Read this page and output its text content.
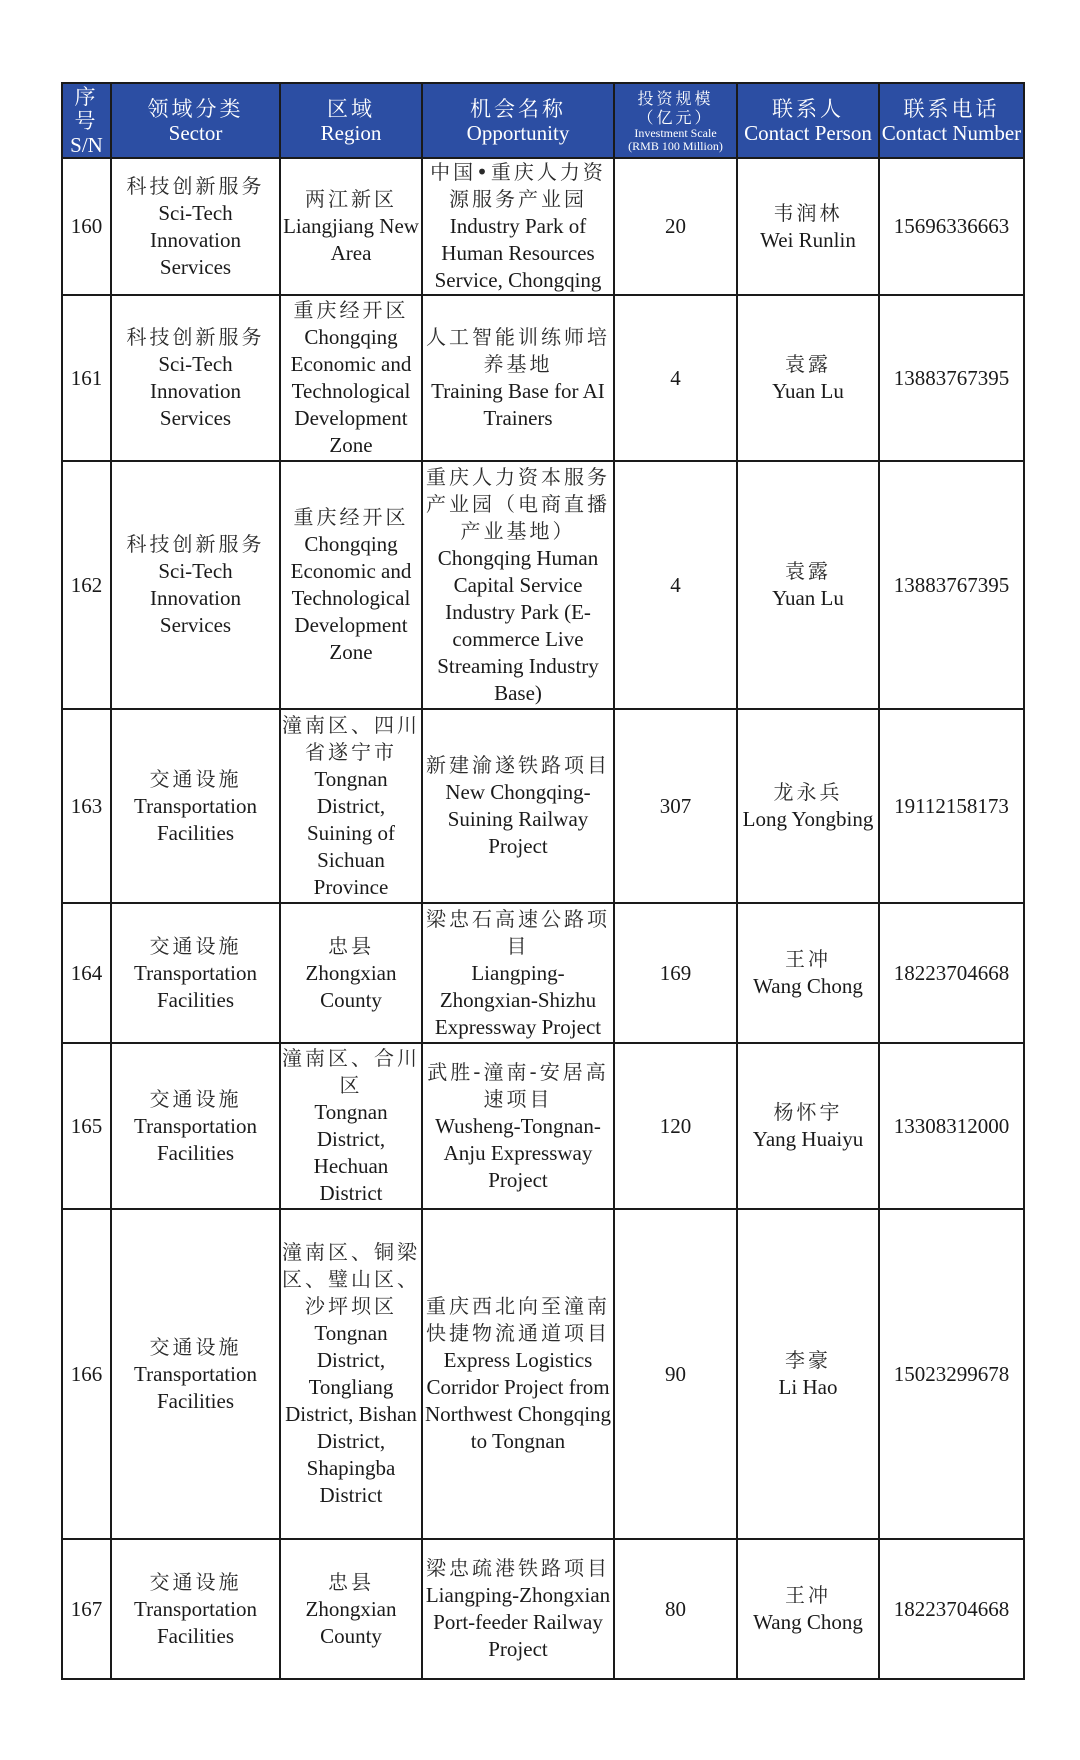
序号
S/N	领域分类
Sector	区域
Region	机会名称
Opportunity	投资规模
（亿元）
Investment Scale
(RMB 100 Million)	联系人
Contact Person	联系电话
Contact Number

160	科技创新服务
Sci-Tech Innovation Services	两江新区
Liangjiang New Area	中国•重庆人力资源服务产业园
Industry Park of Human Resources Service, Chongqing	20	韦润林
Wei Runlin	15696336663
161	科技创新服务
Sci-Tech Innovation Services	重庆经开区
Chongqing Economic and Technological Development Zone	人工智能训练师培养基地
Training Base for AI Trainers	4	袁露
Yuan Lu	13883767395
162	科技创新服务
Sci-Tech Innovation Services	重庆经开区
Chongqing Economic and Technological Development Zone	重庆人力资本服务产业园（电商直播产业基地）
Chongqing Human Capital Service Industry Park (E-commerce Live Streaming Industry Base)	4	袁露
Yuan Lu	13883767395
163	交通设施
Transportation Facilities	潼南区、四川省遂宁市
Tongnan District, Suining of Sichuan Province	新建渝遂铁路项目
New Chongqing-Suining Railway Project	307	龙永兵
Long Yongbing	19112158173
164	交通设施
Transportation Facilities	忠县
Zhongxian County	梁忠石高速公路项目
Liangping-Zhongxian-Shizhu Expressway Project	169	王冲
Wang Chong	18223704668
165	交通设施
Transportation Facilities	潼南区、合川区
Tongnan District, Hechuan District	武胜-潼南-安居高速项目
Wusheng-Tongnan-Anju Expressway Project	120	杨怀宇
Yang Huaiyu	13308312000
166	交通设施
Transportation Facilities	潼南区、铜梁区、璧山区、沙坪坝区
Tongnan District, Tongliang District, Bishan District, Shapingba District	重庆西北向至潼南快捷物流通道项目
Express Logistics Corridor Project from Northwest Chongqing to Tongnan	90	李豪
Li Hao	15023299678
167	交通设施
Transportation Facilities	忠县
Zhongxian County	梁忠疏港铁路项目
Liangping-Zhongxian Port-feeder Railway Project	80	王冲
Wang Chong	18223704668
